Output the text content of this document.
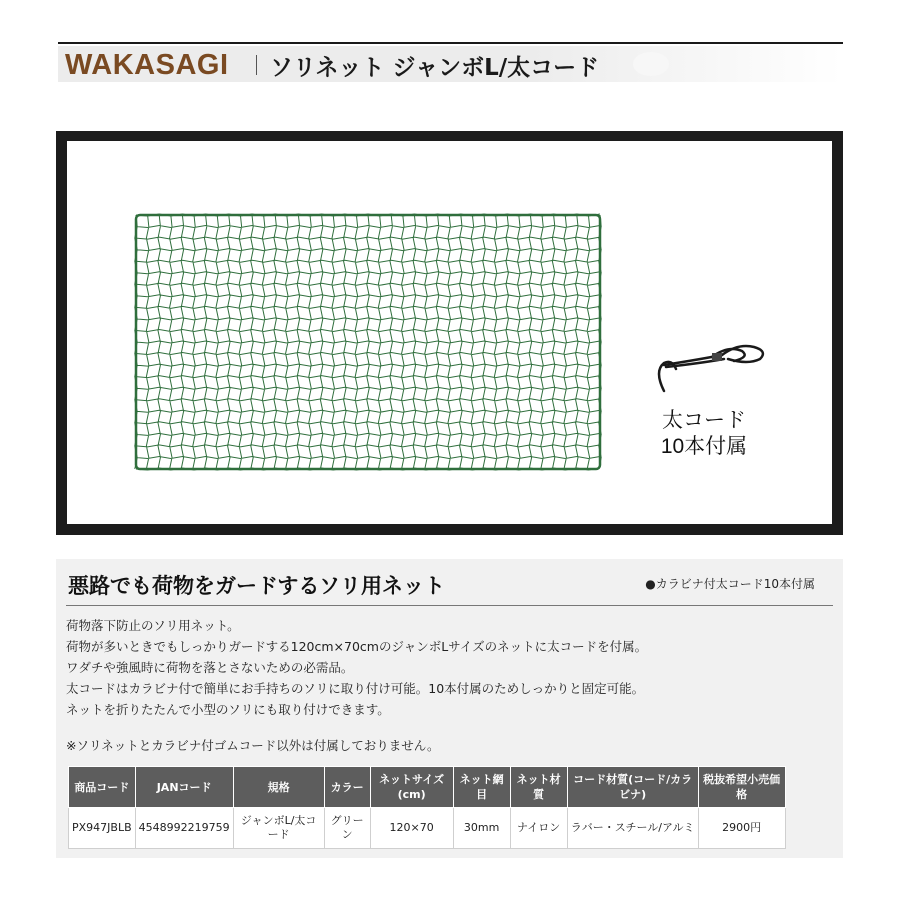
WAKASAGI ソリネット ジャンボL/太コード
太コード
10本付属
悪路でも荷物をガードするソリ用ネット	●カラビナ付太コード10本付属

荷物落下防止のソリ用ネット。

荷物が多いときでもしっかりガードする120cm×70cmのジャンボLサイズのネットに太コードを付属。

ワダチや強風時に荷物を落とさないための必需品。

太コードはカラビナ付で簡単にお手持ちのソリに取り付け可能。10本付属のためしっかりと固定可能。

ネットを折りたたんで小型のソリにも取り付けできます。

※ソリネットとカラビナ付ゴムコード以外は付属しておりません。
商品コード	JANコード	規格	カラー	ネットサイズ(cm)	ネット網目	ネット材質	コード材質(コード/カラビナ)	税抜希望小売価格
PX947JBLB	4548992219759	ジャンボL/太コード	グリーン	120×70	30mm	ナイロン	ラバー・スチール/アルミ	2900円
